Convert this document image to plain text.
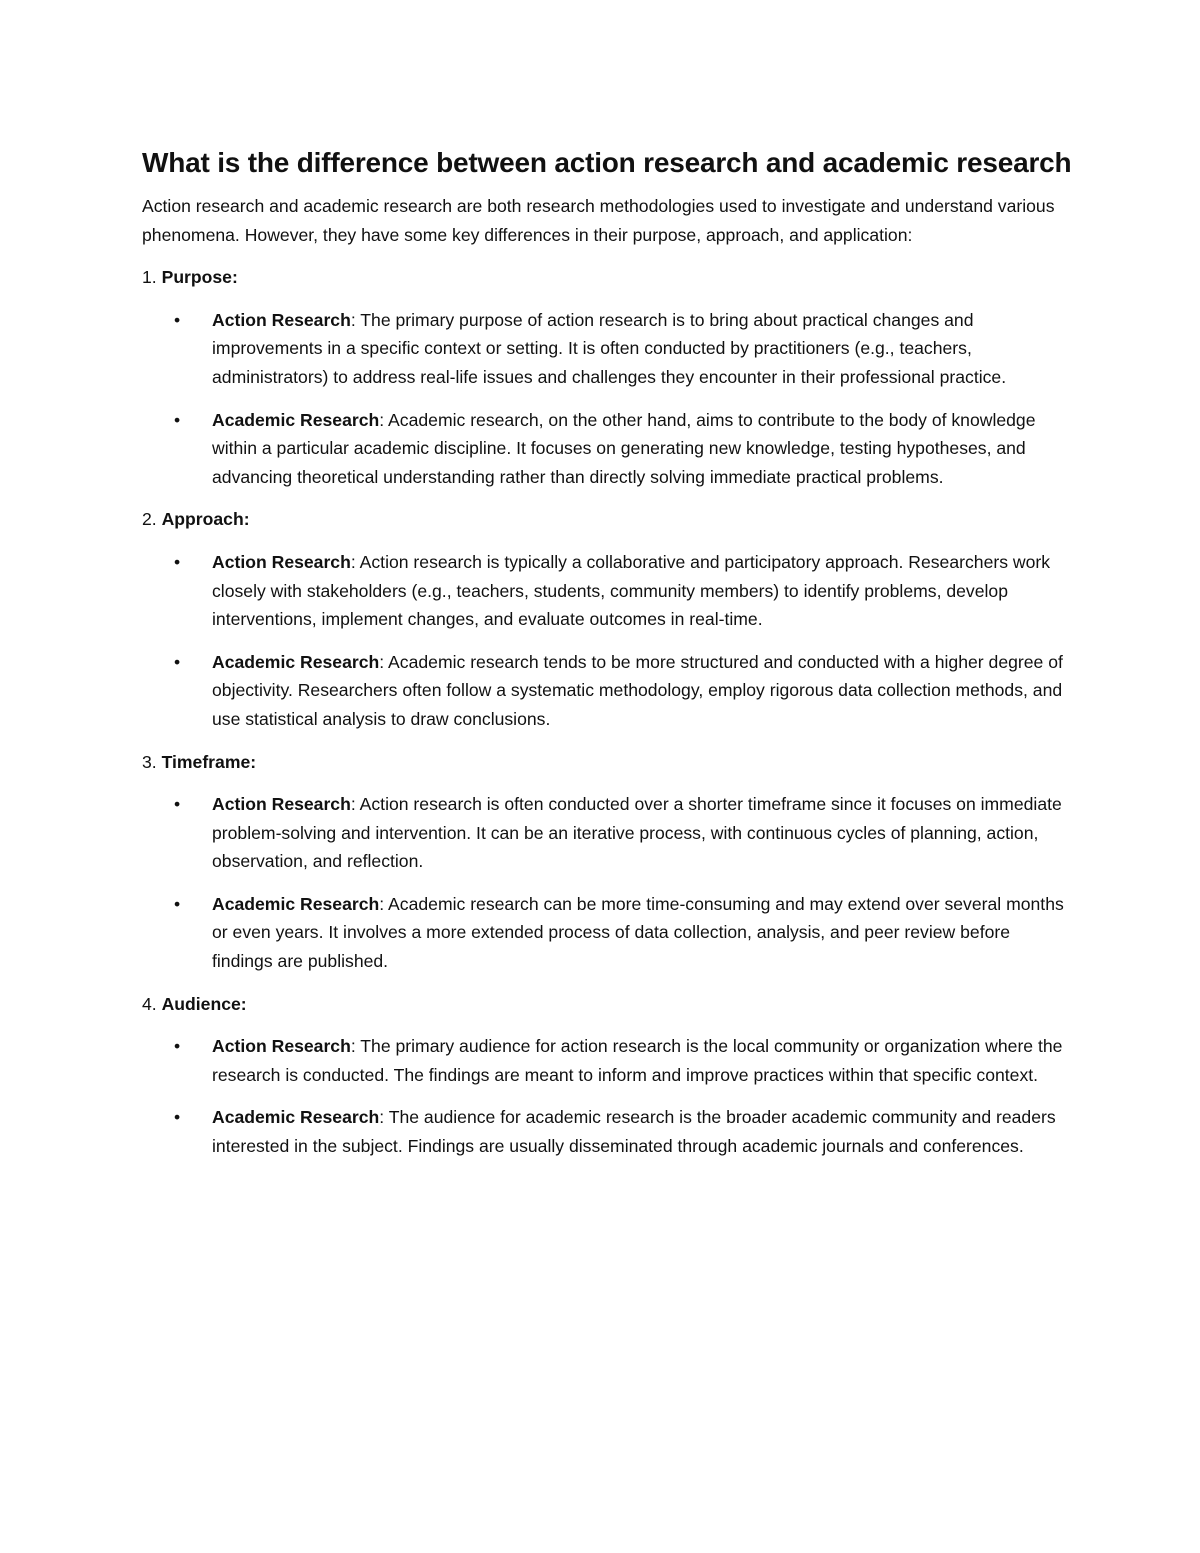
What is the difference between action research and academic research

Action research and academic research are both research methodologies used to investigate and understand various phenomena. However, they have some key differences in their purpose, approach, and application:

1. Purpose:

• Action Research: The primary purpose of action research is to bring about practical changes and improvements in a specific context or setting. It is often conducted by practitioners (e.g., teachers, administrators) to address real-life issues and challenges they encounter in their professional practice.
• Academic Research: Academic research, on the other hand, aims to contribute to the body of knowledge within a particular academic discipline. It focuses on generating new knowledge, testing hypotheses, and advancing theoretical understanding rather than directly solving immediate practical problems.

2. Approach:

• Action Research: Action research is typically a collaborative and participatory approach. Researchers work closely with stakeholders (e.g., teachers, students, community members) to identify problems, develop interventions, implement changes, and evaluate outcomes in real-time.
• Academic Research: Academic research tends to be more structured and conducted with a higher degree of objectivity. Researchers often follow a systematic methodology, employ rigorous data collection methods, and use statistical analysis to draw conclusions.

3. Timeframe:

• Action Research: Action research is often conducted over a shorter timeframe since it focuses on immediate problem-solving and intervention. It can be an iterative process, with continuous cycles of planning, action, observation, and reflection.
• Academic Research: Academic research can be more time-consuming and may extend over several months or even years. It involves a more extended process of data collection, analysis, and peer review before findings are published.

4. Audience:

• Action Research: The primary audience for action research is the local community or organization where the research is conducted. The findings are meant to inform and improve practices within that specific context.
• Academic Research: The audience for academic research is the broader academic community and readers interested in the subject. Findings are usually disseminated through academic journals and conferences.
